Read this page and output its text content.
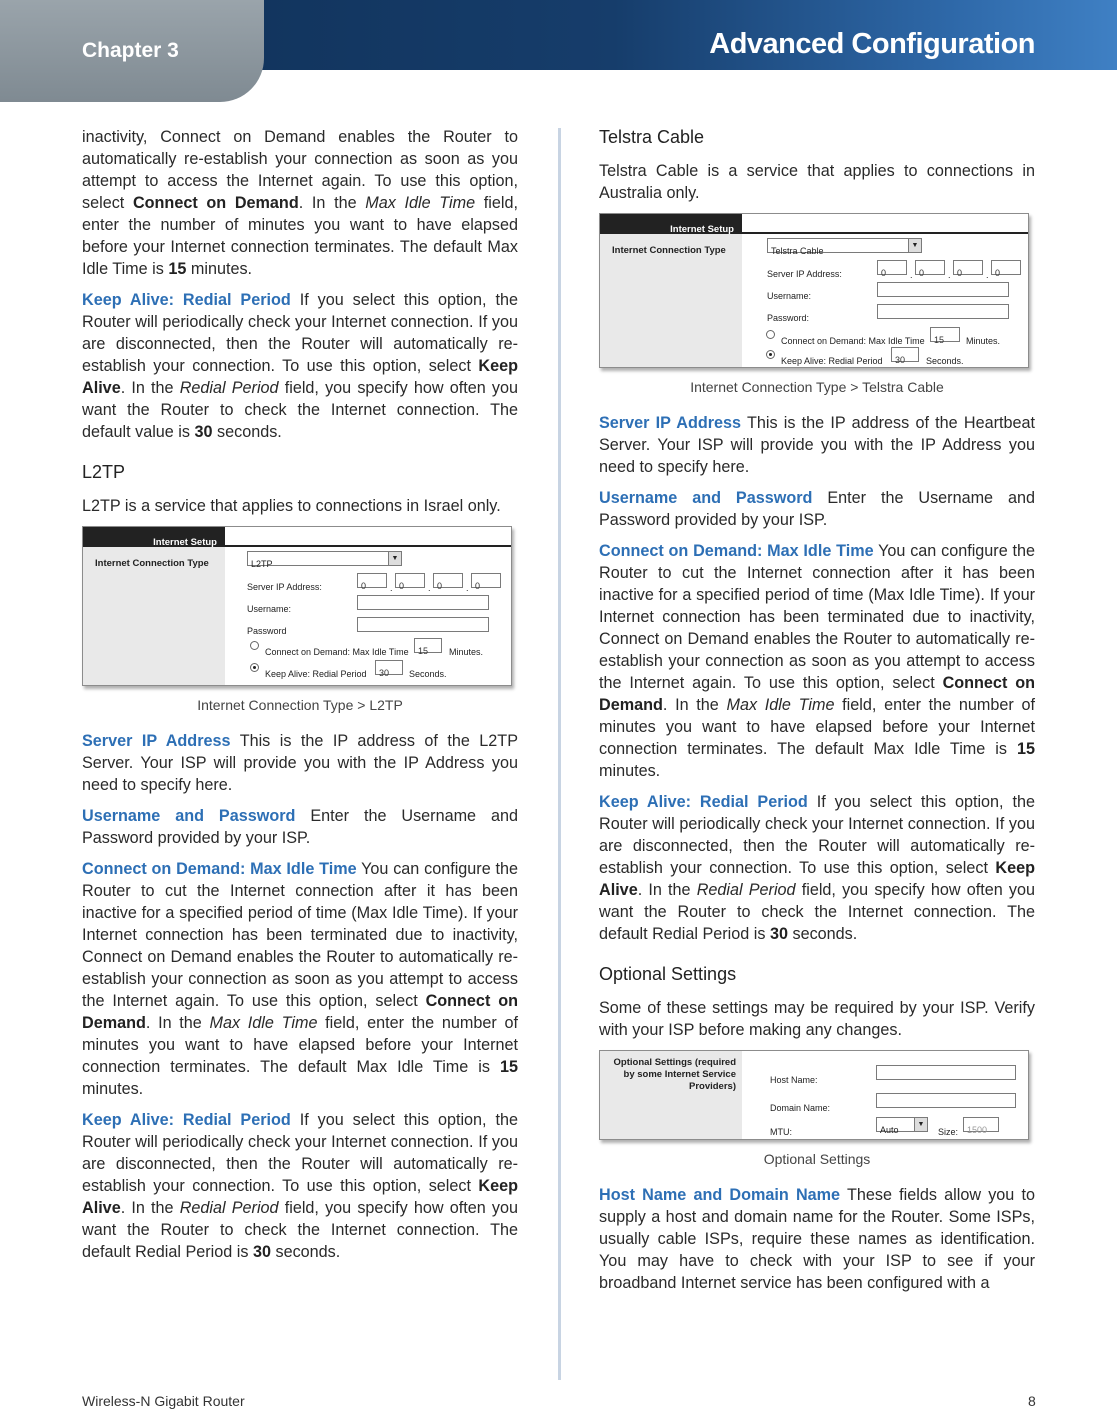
Chapter 3	Advanced Configuration

inactivity, Connect on Demand enables the Router to automatically re-establish your connection as soon as you attempt to access the Internet again. To use this option, select Connect on Demand. In the Max Idle Time field, enter the number of minutes you want to have elapsed before your Internet connection terminates. The default Max Idle Time is 15 minutes.

Keep Alive: Redial Period If you select this option, the Router will periodically check your Internet connection. If you are disconnected, then the Router will automatically re-establish your connection. To use this option, select Keep Alive. In the Redial Period field, you specify how often you want the Router to check the Internet connection. The default value is 30 seconds.

L2TP

L2TP is a service that applies to connections in Israel only.

Internet Setup
Internet Connection Type	L2TP
▼
Server IP Address:	0	. 0	. 0	. 0
Username:
Password
Connect on Demand: Max Idle Time	15	Minutes.
Keep Alive: Redial Period	30	Seconds.
Internet Connection Type > L2TP

Server IP Address This is the IP address of the L2TP Server. Your ISP will provide you with the IP Address you need to specify here.

Username and Password Enter the Username and Password provided by your ISP.

Connect on Demand: Max Idle Time You can configure the Router to cut the Internet connection after it has been inactive for a specified period of time (Max Idle Time). If your Internet connection has been terminated due to inactivity, Connect on Demand enables the Router to automatically re-establish your connection as soon as you attempt to access the Internet again. To use this option, select Connect on Demand. In the Max Idle Time field, enter the number of minutes you want to have elapsed before your Internet connection terminates. The default Max Idle Time is 15 minutes.

Keep Alive: Redial Period If you select this option, the Router will periodically check your Internet connection. If you are disconnected, then the Router will automatically re-establish your connection. To use this option, select Keep Alive. In the Redial Period field, you specify how often you want the Router to check the Internet connection. The default Redial Period is 30 seconds.

Telstra Cable

Telstra Cable is a service that applies to connections in Australia only.

Internet Setup
Internet Connection Type	Telstra Cable
▼
Server IP Address:	0	. 0	. 0	. 0
Username:
Password:
Connect on Demand: Max Idle Time	15	Minutes.
Keep Alive: Redial Period	30	Seconds.
Internet Connection Type > Telstra Cable

Server IP Address This is the IP address of the Heartbeat Server. Your ISP will provide you with the IP Address you need to specify here.

Username and Password Enter the Username and Password provided by your ISP.

Connect on Demand: Max Idle Time You can configure the Router to cut the Internet connection after it has been inactive for a specified period of time (Max Idle Time). If your Internet connection has been terminated due to inactivity, Connect on Demand enables the Router to automatically re-establish your connection as soon as you attempt to access the Internet again. To use this option, select Connect on Demand. In the Max Idle Time field, enter the number of minutes you want to have elapsed before your Internet connection terminates. The default Max Idle Time is 15 minutes.

Keep Alive: Redial Period If you select this option, the Router will periodically check your Internet connection. If you are disconnected, then the Router will automatically re-establish your connection. To use this option, select Keep Alive. In the Redial Period field, you specify how often you want the Router to check the Internet connection. The default Redial Period is 30 seconds.

Optional Settings

Some of these settings may be required by your ISP. Verify with your ISP before making any changes.

Optional Settings (required by some Internet Service Providers)
Host Name:
Domain Name:
MTU:	Auto
▼
Size: 1500
Optional Settings

Host Name and Domain Name These fields allow you to supply a host and domain name for the Router. Some ISPs, usually cable ISPs, require these names as identification. You may have to check with your ISP to see if your broadband Internet service has been configured with a

Wireless-N Gigabit Router	8
